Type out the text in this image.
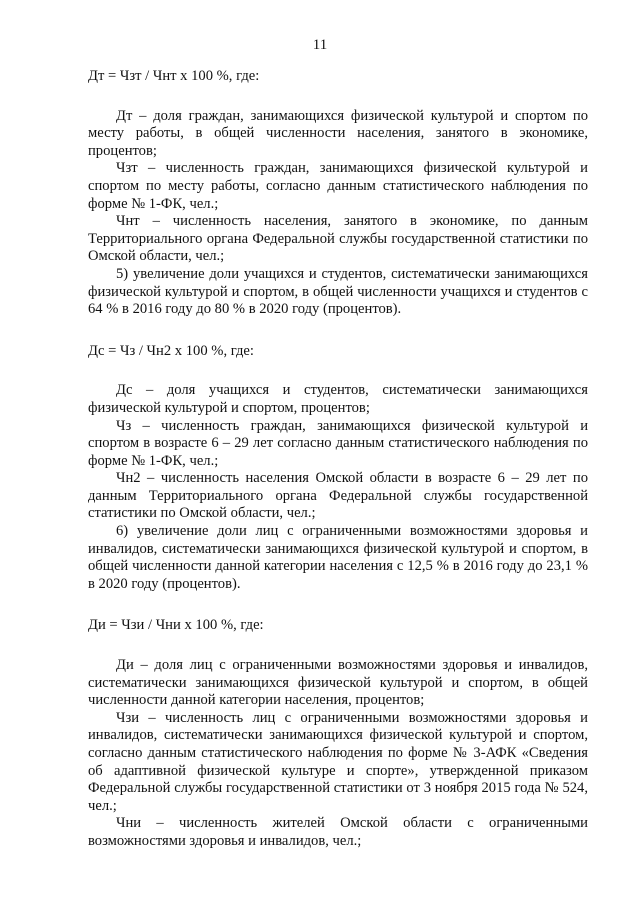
11

Дт = Чзт / Чнт х 100 %, где:

Дт – доля граждан, занимающихся физической культурой и спортом по месту работы, в общей численности населения, занятого в экономике, процентов;

Чзт – численность граждан, занимающихся физической культурой и спортом по месту работы, согласно данным статистического наблюдения по форме № 1-ФК, чел.;

Чнт – численность населения, занятого в экономике, по данным Территориального органа Федеральной службы государственной статистики по Омской области, чел.;

5) увеличение доли учащихся и студентов, систематически занимающихся физической культурой и спортом, в общей численности учащихся и студентов с 64 % в 2016 году до 80 % в 2020 году (процентов).

Дс = Чз / Чн2 х 100 %, где:

Дс – доля учащихся и студентов, систематически занимающихся физической культурой и спортом, процентов;

Чз – численность граждан, занимающихся физической культурой и спортом в возрасте 6 – 29 лет согласно данным статистического наблюдения по форме № 1-ФК, чел.;

Чн2 – численность населения Омской области в возрасте 6 – 29 лет по данным Территориального органа Федеральной службы государственной статистики по Омской области, чел.;

6) увеличение доли лиц с ограниченными возможностями здоровья и инвалидов, систематически занимающихся физической культурой и спортом, в общей численности данной категории населения с 12,5 % в 2016 году до 23,1 % в 2020 году (процентов).

Ди = Чзи / Чни х 100 %, где:

Ди – доля лиц с ограниченными возможностями здоровья и инвалидов, систематически занимающихся физической культурой и спортом, в общей численности данной категории населения, процентов;

Чзи – численность лиц с ограниченными возможностями здоровья и инвалидов, систематически занимающихся физической культурой и спортом, согласно данным статистического наблюдения по форме № 3-АФК «Сведения об адаптивной физической культуре и спорте», утвержденной приказом Федеральной службы государственной статистики от 3 ноября 2015 года № 524, чел.;

Чни – численность жителей Омской области с ограниченными возможностями здоровья и инвалидов, чел.;
